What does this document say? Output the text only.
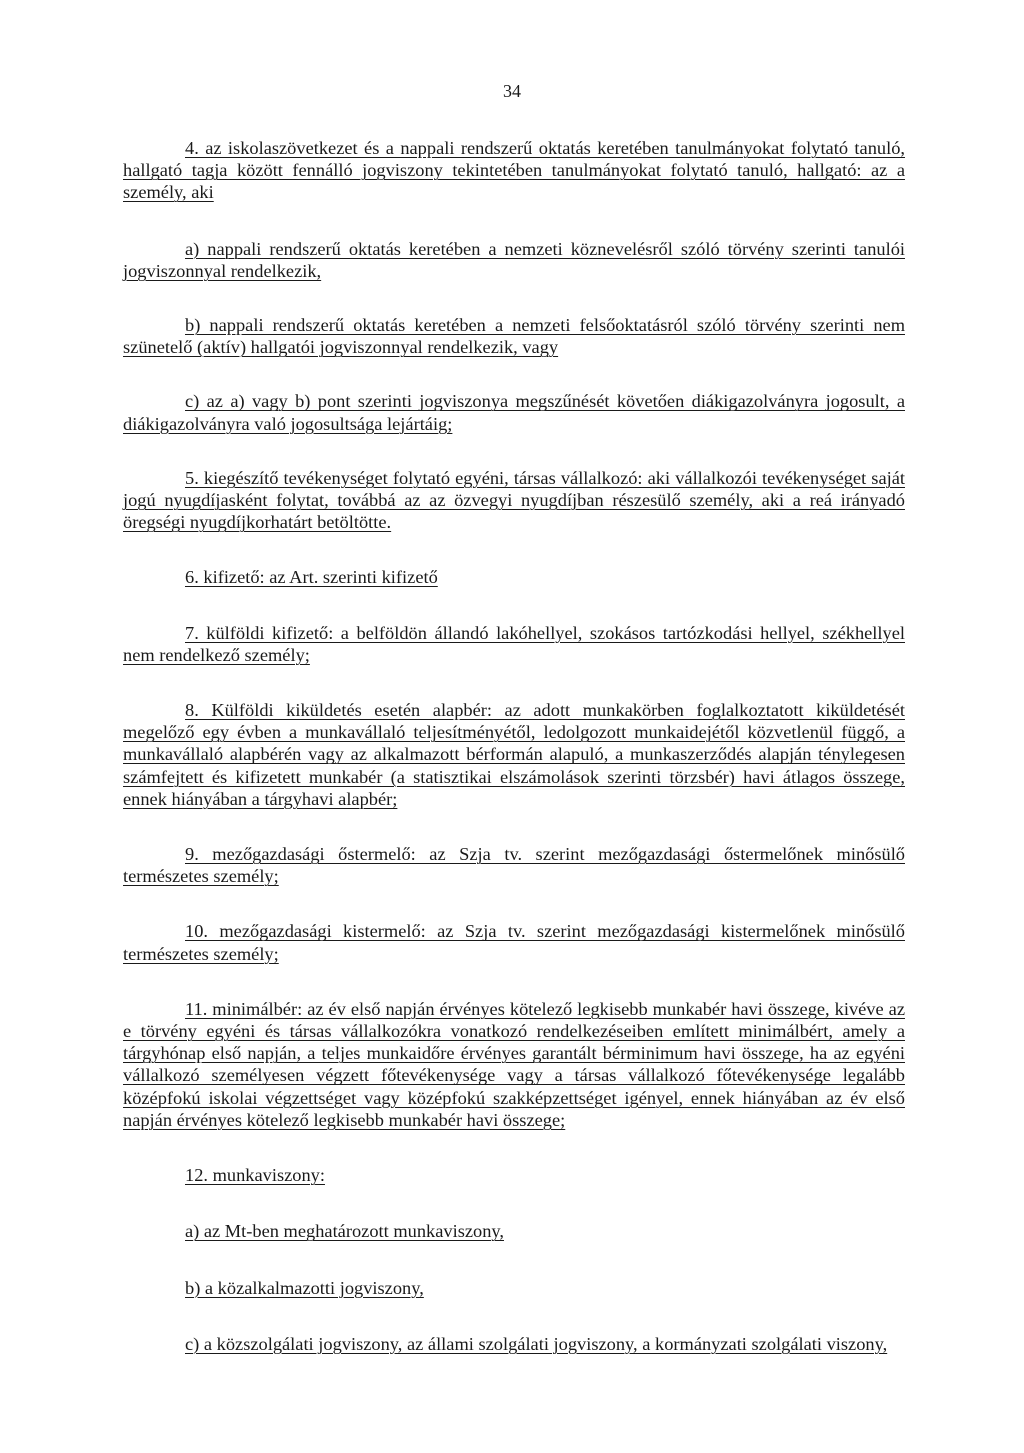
34

4. az iskolaszövetkezet és a nappali rendszerű oktatás keretében tanulmányokat folytató tanuló, hallgató tagja között fennálló jogviszony tekintetében tanulmányokat folytató tanuló, hallgató: az a személy, aki

a) nappali rendszerű oktatás keretében a nemzeti köznevelésről szóló törvény szerinti tanulói jogviszonnyal rendelkezik,

b) nappali rendszerű oktatás keretében a nemzeti felsőoktatásról szóló törvény szerinti nem szünetelő (aktív) hallgatói jogviszonnyal rendelkezik, vagy

c) az a) vagy b) pont szerinti jogviszonya megszűnését követően diákigazolványra jogosult, a diákigazolványra való jogosultsága lejártáig;

5. kiegészítő tevékenységet folytató egyéni, társas vállalkozó: aki vállalkozói tevékenységet saját jogú nyugdíjasként folytat, továbbá az az özvegyi nyugdíjban részesülő személy, aki a reá irányadó öregségi nyugdíjkorhatárt betöltötte.

6. kifizető: az Art. szerinti kifizető

7. külföldi kifizető: a belföldön állandó lakóhellyel, szokásos tartózkodási hellyel, székhellyel nem rendelkező személy;

8. Külföldi kiküldetés esetén alapbér: az adott munkakörben foglalkoztatott kiküldetését megelőző egy évben a munkavállaló teljesítményétől, ledolgozott munkaidejétől közvetlenül függő, a munkavállaló alapbérén vagy az alkalmazott bérformán alapuló, a munkaszerződés alapján ténylegesen számfejtett és kifizetett munkabér (a statisztikai elszámolások szerinti törzsbér) havi átlagos összege, ennek hiányában a tárgyhavi alapbér;

9. mezőgazdasági őstermelő: az Szja tv. szerint mezőgazdasági őstermelőnek minősülő természetes személy;

10. mezőgazdasági kistermelő: az Szja tv. szerint mezőgazdasági kistermelőnek minősülő természetes személy;

11. minimálbér: az év első napján érvényes kötelező legkisebb munkabér havi összege, kivéve az e törvény egyéni és társas vállalkozókra vonatkozó rendelkezéseiben említett minimálbért, amely a tárgyhónap első napján, a teljes munkaidőre érvényes garantált bérminimum havi összege, ha az egyéni vállalkozó személyesen végzett főtevékenysége vagy a társas vállalkozó főtevékenysége legalább középfokú iskolai végzettséget vagy középfokú szakképzettséget igényel, ennek hiányában az év első napján érvényes kötelező legkisebb munkabér havi összege;

12. munkaviszony:

a) az Mt-ben meghatározott munkaviszony,

b) a közalkalmazotti jogviszony,

c) a közszolgálati jogviszony, az állami szolgálati jogviszony, a kormányzati szolgálati viszony,
